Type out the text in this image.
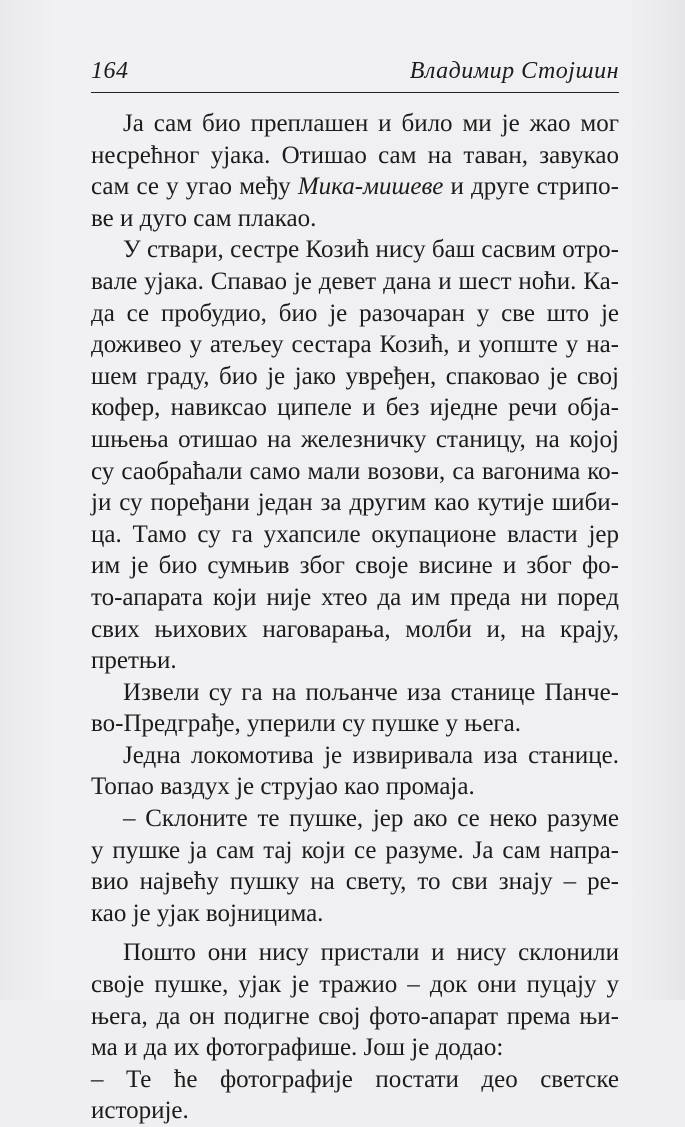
164	Владимир Стојшин
Ја сам био преплашен и било ми је жао мог
несрећног ујака. Отишао сам на таван, завукао
сам се у угао међу Мика-мишеве и друге стрипо-
ве и дуго сам плакао.
У ствари, сестре Козић нису баш сасвим отро-
вале ујака. Спавао је девет дана и шест ноћи. Ка-
да се пробудио, био је разочаран у све што је
доживео у атељеу сестара Козић, и уопште у на-
шем граду, био је јако увређен, спаковао је свој
кофер, навиксао ципеле и без иједне речи обја-
шњења отишао на железничку станицу, на којој
су саобраћали само мали возови, са вагонима ко-
ји су поређани један за другим као кутије шиби-
ца. Тамо су га ухапсиле окупационе власти јер
им је био сумњив због своје висине и због фо-
то-апарата који није хтео да им преда ни поред
свих њихових наговарања, молби и, на крају,
претњи.
Извели су га на пољанче иза станице Панче-
во-Предграђе, уперили су пушке у њега.
Једна локомотива је извиривала иза станице.
Топао ваздух је струјао као промаја.
– Склоните те пушке, јер ако се неко разуме
у пушке ја сам тај који се разуме. Ја сам напра-
вио највећу пушку на свету, то сви знају – ре-
као је ујак војницима.
Пошто они нису пристали и нису склонили
своје пушке, ујак је тражио – док они пуцају у
њега, да он подигне свој фото-апарат према њи-
ма и да их фотографише. Још је додао:
– Те ће фотографије постати део светске
историје.
